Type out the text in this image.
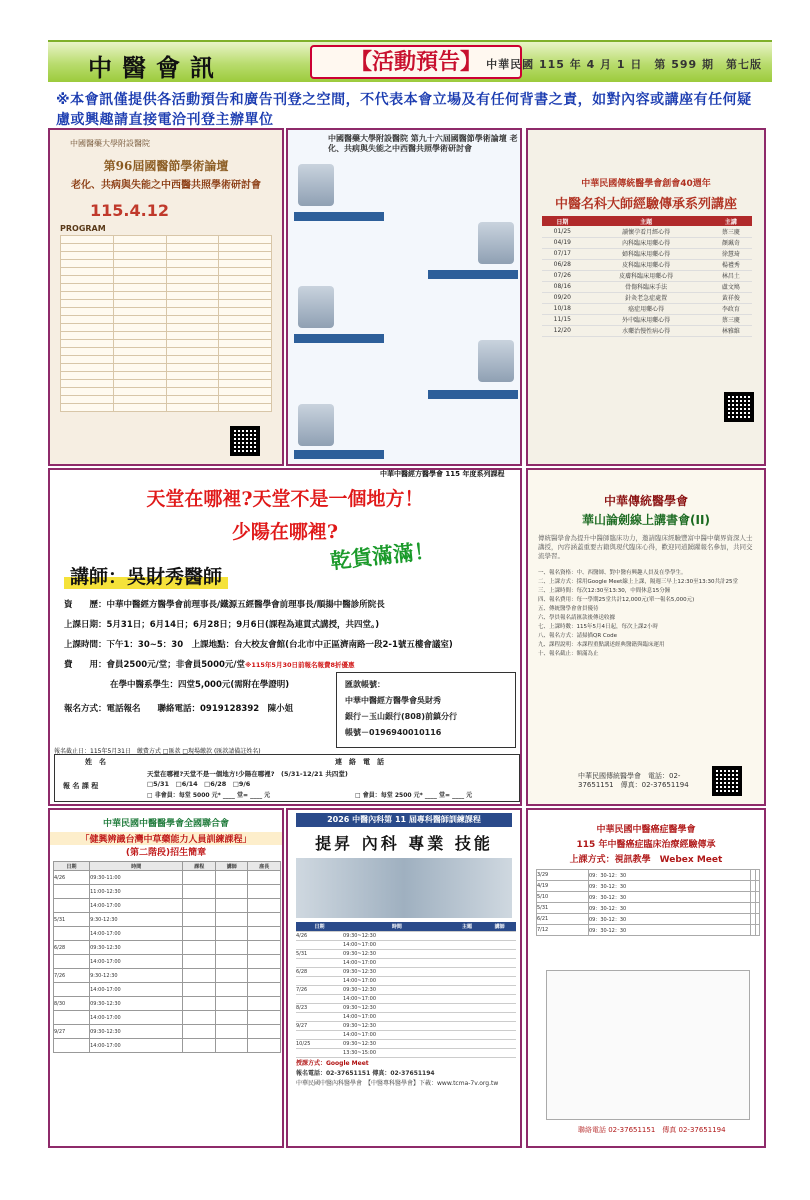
中醫會訊	【活動預告】 中華民國 115 年 4 月 1 日　第 599 期　第七版
※本會訊僅提供各活動預告和廣告刊登之空間，不代表本會立場及有任何背書之責，如對內容或講座有任何疑慮或興趣請直接電洽刊登主辦單位
中國醫藥大學附設醫院
第96屆國醫節學術論壇
老化、共病與失能之中西醫共照學術研討會
115.4.12
PROGRAM

中國醫藥大學附設醫院 第九十六屆國醫節學術論壇 老化、共病與失能之中西醫共照學術研討會
中華民國傳統醫學會創會40週年
中醫名科大師經驗傳承系列講座
日期	主題	主講
01/25	讀懷孕看月經心得	蔡三慶
04/19	內科臨床用藥心得	顏珮奇
07/17	婦科臨床用藥心得	徐慧琦
06/28	皮科臨床用藥心得	楊禮秀
07/26	皮膚科臨床用藥心得	林昌土
08/16	骨傷科臨床手法	盧文鳩
09/20	針灸老急症處置	黃祥俊
10/18	癌症用藥心得	李政育
11/15	外中臨床用藥心得	蔡三慶
12/20	水藥治慢性病心得	林雅維
中華中醫經方醫學會 115 年度系列課程
天堂在哪裡?天堂不是一個地方！
少陽在哪裡?
講師：吳財秀醫師
乾貨滿滿！
資　　歷：中華中醫經方醫學會前理事長/鐵源五經醫學會前理事長/順揚中醫診所院長
上課日期：5月31日；6月14日；6月28日；9月6日(課程為連貫式講授，共四堂。)
上課時間：下午1：30∼5：30　上課地點：台大校友會館(台北市中正區濟南路一段2-1號五樓會議室)
費　　用：會員2500元/堂；非會員5000元/堂※115年5月30日前報名報費8折優惠
在學中醫系學生：四堂5,000元(需附在學證明)
報名方式：電話報名　　聯絡電話：0919128392　陳小姐
匯款帳號：
中華中醫經方醫學會吳財秀
銀行－玉山銀行(808)前鎮分行
帳號－0196940010116
報名截止日：115年5月31日　繳費方式 □匯款 □現場繳款 (匯款請備註姓名)
姓　名	連　絡　電　話
報 名 課 程
天堂在哪裡?天堂不是一個地方!少陽在哪裡?　(5/31-12/21 共四堂)
□5/31　□6/14　□6/28　□9/6
□ 非會員：每堂 5000 元* ____ 堂= ____ 元	□ 會員：每堂 2500 元* ____ 堂= ____ 元
中華傳統醫學會
華山論劍線上講書會(II)
傳統醫學會為提升中醫師臨床功力，邀請臨床經驗豐富中醫中藥界資深人士講授，內容涵蓋重要古籍與現代臨床心得，歡迎同道踴躍報名參加，共同交流學習。
一、報名資格：中、西醫師、對中醫有興趣人員及在學學生。
二、上課方式：採用Google Meet線上上課，隔週三早上12:30至13:30共計25堂
三、上課時間：每次12:30至13:30，中間休息15分鐘
四、報名費用：每一學期25堂共計12,000元(單一報名5,000元)
五、傳統醫學會會員優待
六、學員報名請匯款後傳送收據
七、上課時數：115年5月4日起，每次上課2小時
八、報名方式：請掃描QR Code
九、課程說明：本課程重點講述經典醫籍與臨床運用
十、報名截止：額滿為止
中華民國傳統醫學會　電話：02-37651151　傳真：02-37651194
中華民國中醫醫學會全國聯合會
「健興辨識台灣中草藥能力人員訓練課程」
(第二階段)招生簡章
日期	時間	課程	講師	座長
4/26	09:30-11:00			
	11:00-12:30			
	14:00-17:00			
5/31	9:30-12:30			
	14:00-17:00			
6/28	09:30-12:30			
	14:00-17:00			
7/26	9:30-12:30			
	14:00-17:00			
8/30	09:30-12:30			
	14:00-17:00			
9/27	09:30-12:30			
	14:00-17:00			
2026 中醫內科第 11 屆專科醫師訓練課程
提昇 內科 專業 技能
日期	時間	主題	講師
4/26	09:30~12:30		
	14:00~17:00		
5/31	09:30~12:30		
	14:00~17:00		
6/28	09:30~12:30		
	14:00~17:00		
7/26	09:30~12:30		
	14:00~17:00		
8/23	09:30~12:30		
	14:00~17:00		
9/27	09:30~12:30		
	14:00~17:00		
10/25	09:30~12:30		
	13:30~15:00		
授課方式：Google Meet
報名電話：02-37651151 傳真：02-37651194
中華民國中醫內科醫學會　【中醫專科醫學會】下載：www.tcma-7v.org.tw
中華民國中醫癌症醫學會
115 年中醫癌症臨床治療經驗傳承
上課方式：視訊教學　Webex Meet
3/29	09：30-12：30		
4/19	09：30-12：30		
5/10	09：30-12：30		
5/31	09：30-12：30		
6/21	09：30-12：30		
7/12	09：30-12：30		
聯絡電話 02-37651151　傳真 02-37651194
